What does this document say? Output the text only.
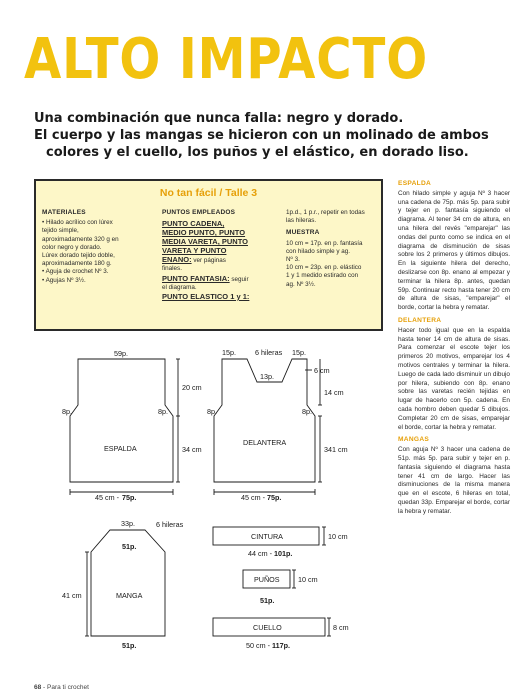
ALTO IMPACTO

Una combinación que nunca falla: negro y dorado.

El cuerpo y las mangas se hicieron con un molinado de ambos

colores y el cuello, los puños y el elástico, en dorado liso.

No tan fácil / Talle 3
MATERIALES
• Hilado acrílico con lúrex
tejido simple,
aproximadamente 320 g en
color negro y dorado.
Lúrex dorado tejido doble,
aproximadamente 180 g.
• Aguja de crochet Nº 3.
• Agujas Nº 3½.
PUNTOS EMPLEADOS
PUNTO CADENA,
MEDIO PUNTO, PUNTO
MEDIA VARETA, PUNTO
VARETA Y PUNTO
ENANO: ver páginas
finales.
PUNTO FANTASIA: seguir
el diagrama.
PUNTO ELASTICO 1 y 1:
1p.d., 1 p.r., repetir en todas
las hileras.
MUESTRA
10 cm = 17p. en p. fantasía
con hilado simple y ag.
Nº 3.
10 cm = 23p. en p. elástico
1 y 1 medido estirado con
ag. Nº 3½.
ESPALDA
Con hilado simple y aguja Nº 3 hacer una cadena de 75p. más 5p. para subir y tejer en p. fantasía siguiendo el diagrama. Al tener 34 cm de altura, en una hilera del revés "emparejar" las ondas del punto como se indica en el diagrama de disminución de sisas sobre los 2 primeros y últimos dibujos. En la siguiente hilera del derecho, deslizarse con 8p. enano al empezar y terminar la hilera 8p. antes, quedan 59p. Continuar recto hasta tener 20 cm de altura de sisas, "emparejar" el borde, cortar la hebra y rematar.
DELANTERA
Hacer todo igual que en la espalda hasta tener 14 cm de altura de sisas. Para comenzar el escote tejer los primeros 20 motivos, emparejar los 4 motivos centrales y terminar la hilera. Luego de cada lado disminuir un dibujo por hilera, subiendo con 8p. enano sobre las varetas recién tejidas en lugar de hacerlo con 5p. cadena. En cada hombro deben quedar 5 dibujos. Completar 20 cm de sisas, emparejar el borde, cortar la hebra y rematar.
MANGAS
Con aguja Nº 3 hacer una cadena de 51p. más 5p. para subir y tejer en p. fantasía siguiendo el diagrama hasta tener 41 cm de largo. Hacer las disminuciones de la misma manera que en el escote, 6 hileras en total, quedan 33p. Emparejar el borde, cortar la hebra y rematar.
59p.
20 cm
8p.	8p.
ESPALDA	34 cm
45 cm - 75p.
15p.	6 hileras 15p.
13p.
6 cm
14 cm
8p.	8p.
DELANTERA
341 cm
45 cm - 75p.
33p.	6 hileras
51p.
41 cm	MANGA
51p.
CINTURA	10 cm
44 cm - 101p.
PUÑOS	10 cm
51p.
CUELLO	8 cm
50 cm - 117p.
68 - Para ti crochet
